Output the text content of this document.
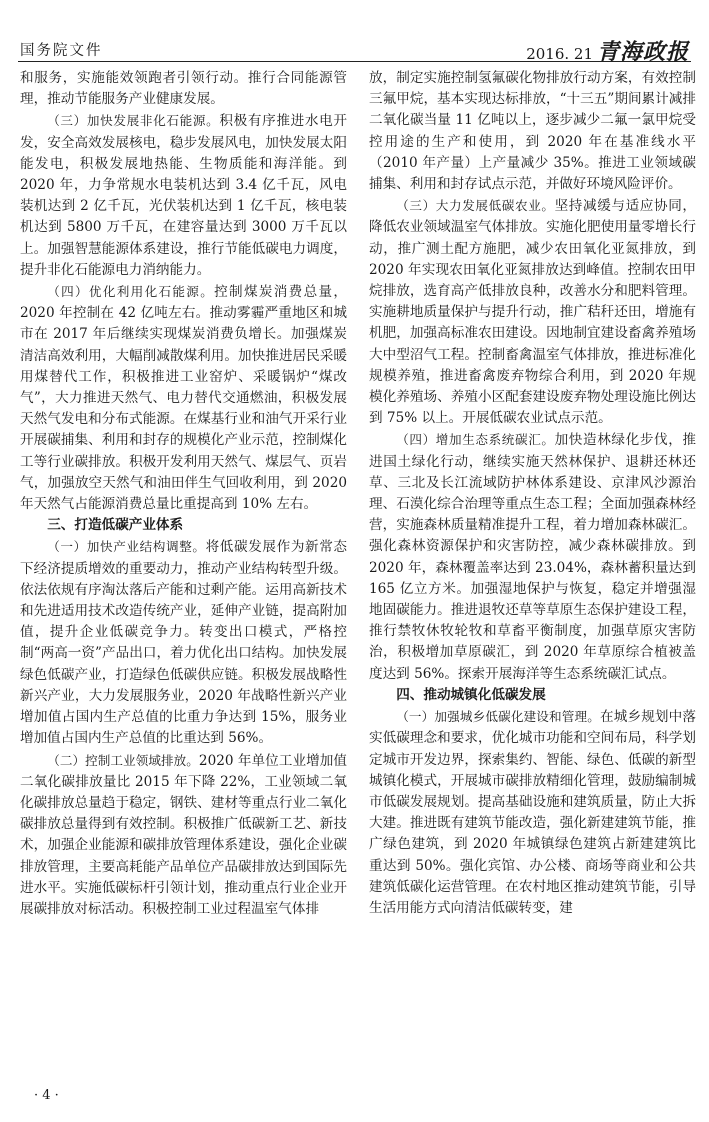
国务院文件	2016. 21 青海政报

和服务，实施能效领跑者引领行动。推行合同能源管理，推动节能服务产业健康发展。

（三）加快发展非化石能源。积极有序推进水电开发，安全高效发展核电，稳步发展风电，加快发展太阳能发电，积极发展地热能、生物质能和海洋能。到 2020 年，力争常规水电装机达到 3.4 亿千瓦，风电装机达到 2 亿千瓦，光伏装机达到 1 亿千瓦，核电装机达到 5800 万千瓦，在建容量达到 3000 万千瓦以上。加强智慧能源体系建设，推行节能低碳电力调度，提升非化石能源电力消纳能力。

（四）优化利用化石能源。控制煤炭消费总量，2020 年控制在 42 亿吨左右。推动雾霾严重地区和城市在 2017 年后继续实现煤炭消费负增长。加强煤炭清洁高效利用，大幅削减散煤利用。加快推进居民采暖用煤替代工作，积极推进工业窑炉、采暖锅炉“煤改气”，大力推进天然气、电力替代交通燃油，积极发展天然气发电和分布式能源。在煤基行业和油气开采行业开展碳捕集、利用和封存的规模化产业示范，控制煤化工等行业碳排放。积极开发利用天然气、煤层气、页岩气，加强放空天然气和油田伴生气回收利用，到 2020 年天然气占能源消费总量比重提高到 10% 左右。

三、打造低碳产业体系

（一）加快产业结构调整。将低碳发展作为新常态下经济提质增效的重要动力，推动产业结构转型升级。依法依规有序淘汰落后产能和过剩产能。运用高新技术和先进适用技术改造传统产业，延伸产业链，提高附加值，提升企业低碳竞争力。转变出口模式，严格控制“两高一资”产品出口，着力优化出口结构。加快发展绿色低碳产业，打造绿色低碳供应链。积极发展战略性新兴产业，大力发展服务业，2020 年战略性新兴产业增加值占国内生产总值的比重力争达到 15%，服务业增加值占国内生产总值的比重达到 56%。

（二）控制工业领域排放。2020 年单位工业增加值二氧化碳排放量比 2015 年下降 22%，工业领域二氧化碳排放总量趋于稳定，钢铁、建材等重点行业二氧化碳排放总量得到有效控制。积极推广低碳新工艺、新技术，加强企业能源和碳排放管理体系建设，强化企业碳排放管理，主要高耗能产品单位产品碳排放达到国际先进水平。实施低碳标杆引领计划，推动重点行业企业开展碳排放对标活动。积极控制工业过程温室气体排

放，制定实施控制氢氟碳化物排放行动方案，有效控制三氟甲烷，基本实现达标排放，“十三五”期间累计减排二氧化碳当量 11 亿吨以上，逐步减少二氟一氯甲烷受控用途的生产和使用，到 2020 年在基准线水平（2010 年产量）上产量减少 35%。推进工业领域碳捕集、利用和封存试点示范，并做好环境风险评价。

（三）大力发展低碳农业。坚持减缓与适应协同，降低农业领域温室气体排放。实施化肥使用量零增长行动，推广测土配方施肥，减少农田氧化亚氮排放，到 2020 年实现农田氧化亚氮排放达到峰值。控制农田甲烷排放，选育高产低排放良种，改善水分和肥料管理。实施耕地质量保护与提升行动，推广秸秆还田，增施有机肥，加强高标准农田建设。因地制宜建设畜禽养殖场大中型沼气工程。控制畜禽温室气体排放，推进标准化规模养殖，推进畜禽废弃物综合利用，到 2020 年规模化养殖场、养殖小区配套建设废弃物处理设施比例达到 75% 以上。开展低碳农业试点示范。

（四）增加生态系统碳汇。加快造林绿化步伐，推进国土绿化行动，继续实施天然林保护、退耕还林还草、三北及长江流域防护林体系建设、京津风沙源治理、石漠化综合治理等重点生态工程；全面加强森林经营，实施森林质量精准提升工程，着力增加森林碳汇。强化森林资源保护和灾害防控，减少森林碳排放。到 2020 年，森林覆盖率达到 23.04%，森林蓄积量达到 165 亿立方米。加强湿地保护与恢复，稳定并增强湿地固碳能力。推进退牧还草等草原生态保护建设工程，推行禁牧休牧轮牧和草畜平衡制度，加强草原灾害防治，积极增加草原碳汇，到 2020 年草原综合植被盖度达到 56%。探索开展海洋等生态系统碳汇试点。

四、推动城镇化低碳发展

（一）加强城乡低碳化建设和管理。在城乡规划中落实低碳理念和要求，优化城市功能和空间布局，科学划定城市开发边界，探索集约、智能、绿色、低碳的新型城镇化模式，开展城市碳排放精细化管理，鼓励编制城市低碳发展规划。提高基础设施和建筑质量，防止大拆大建。推进既有建筑节能改造，强化新建建筑节能，推广绿色建筑，到 2020 年城镇绿色建筑占新建建筑比重达到 50%。强化宾馆、办公楼、商场等商业和公共建筑低碳化运营管理。在农村地区推动建筑节能，引导生活用能方式向清洁低碳转变，建

· 4 ·
